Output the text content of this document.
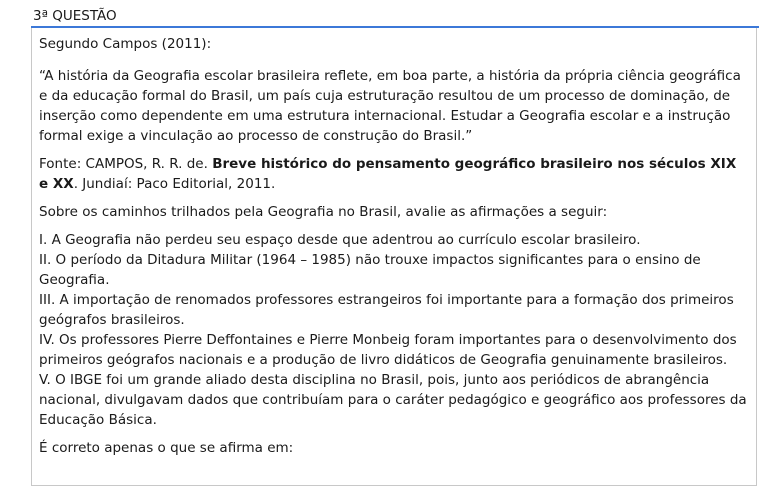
3ª QUESTÃO

Segundo Campos (2011):

“A história da Geografia escolar brasileira reflete, em boa parte, a história da própria ciência geográfica e da educação formal do Brasil, um país cuja estruturação resultou de um processo de dominação, de inserção como dependente em uma estrutura internacional. Estudar a Geografia escolar e a instrução formal exige a vinculação ao processo de construção do Brasil.”

Fonte: CAMPOS, R. R. de. Breve histórico do pensamento geográfico brasileiro nos séculos XIX
e XX. Jundiaí: Paco Editorial, 2011.

Sobre os caminhos trilhados pela Geografia no Brasil, avalie as afirmações a seguir:

I. A Geografia não perdeu seu espaço desde que adentrou ao currículo escolar brasileiro.

II. O período da Ditadura Militar (1964 – 1985) não trouxe impactos significantes para o ensino de Geografia.

III. A importação de renomados professores estrangeiros foi importante para a formação dos primeiros geógrafos brasileiros.

IV. Os professores Pierre Deffontaines e Pierre Monbeig foram importantes para o desenvolvimento dos primeiros geógrafos nacionais e a produção de livro didáticos de Geografia genuinamente brasileiros.

V. O IBGE foi um grande aliado desta disciplina no Brasil, pois, junto aos periódicos de abrangência nacional, divulgavam dados que contribuíam para o caráter pedagógico e geográfico aos professores da Educação Básica.

É correto apenas o que se afirma em:
